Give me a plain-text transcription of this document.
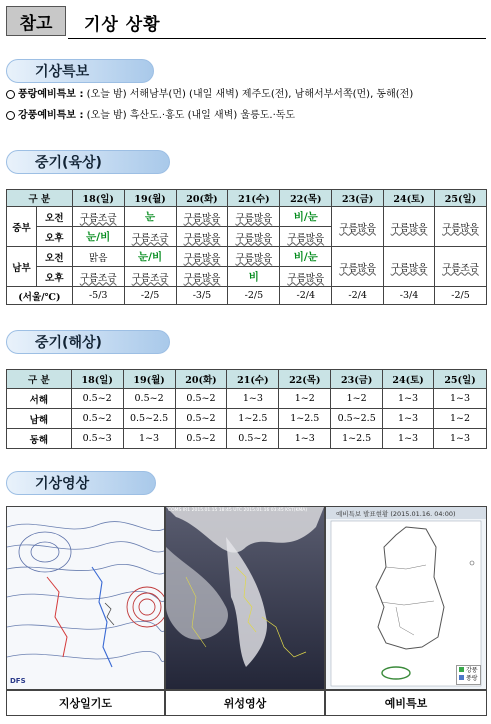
참고	기상 상황
기상특보
풍랑예비특보 : (오늘 밤) 서해남부(먼) (내일 새벽) 제주도(전), 남해서부서쪽(먼), 동해(전)
강풍예비특보 : (오늘 밤) 흑산도.·홍도 (내일 새벽) 울릉도.·독도
중기(육상)
구 분		18(일)	19(월)	20(화)	21(수)	22(목)	23(금)	24(토)	25(일)
중부	오전	구름조금	눈	구름많음	구름많음	비/눈	구름많음	구름많음	구름많음
	오후	눈/비	구름조금	구름많음	구름많음	구름많음			
남부	오전	맑음	눈/비	구름많음	구름많음	비/눈	구름많음	구름많음	구름조금
	오후	구름조금	구름조금	구름많음	비	구름많음			
(서울/℃)		-5/3	-2/5	-3/5	-2/5	-2/4	-2/4	-3/4	-2/5
중기(해상)
구 분	18(일)	19(월)	20(화)	21(수)	22(목)	23(금)	24(토)	25(일)
서해	0.5~2	0.5~2	0.5~2	1~3	1~2	1~2	1~3	1~3
남해	0.5~2	0.5~2.5	0.5~2	1~2.5	1~2.5	0.5~2.5	1~3	1~2
동해	0.5~3	1~3	0.5~2	0.5~2	1~3	1~2.5	1~3	1~3
기상영상
DFS
지상일기도
COMS IR1 2015.01.15 18:45 UTC 2015.01.16 03:45 KST(KMA)
위성영상
예비특보 발표현황 (2015.01.16. 04:00)
강풍
풍랑
예비특보
